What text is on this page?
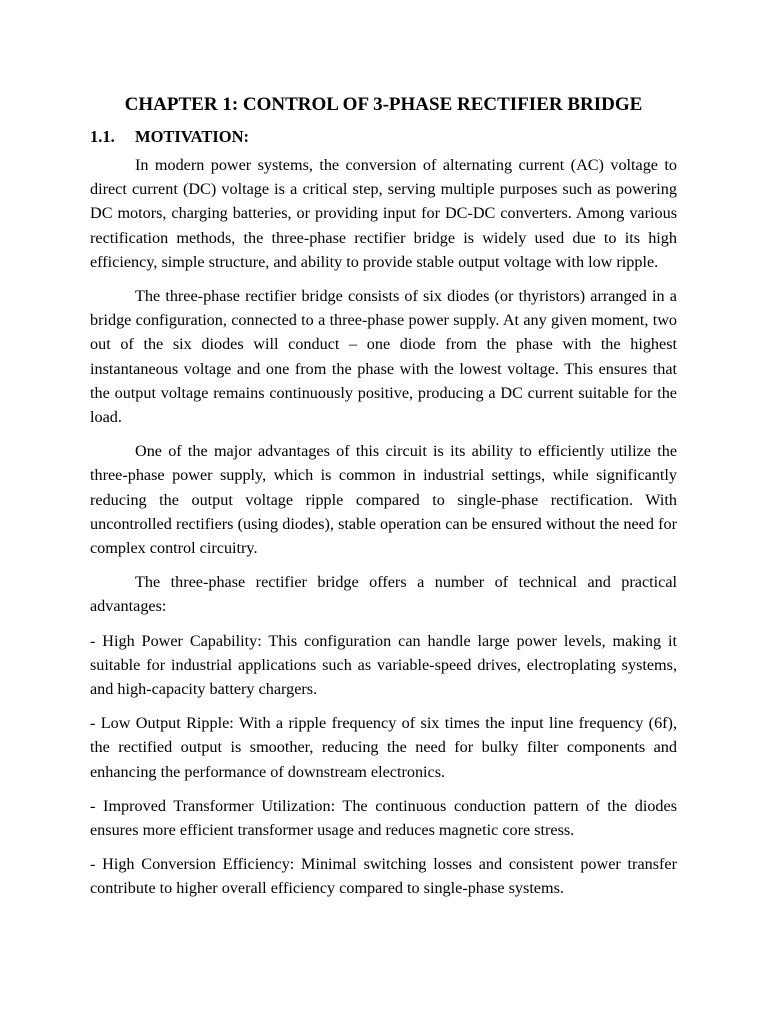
CHAPTER 1: CONTROL OF 3-PHASE RECTIFIER BRIDGE
1.1.	MOTIVATION:

In modern power systems, the conversion of alternating current (AC) voltage to direct current (DC) voltage is a critical step, serving multiple purposes such as powering DC motors, charging batteries, or providing input for DC-DC converters. Among various rectification methods, the three-phase rectifier bridge is widely used due to its high efficiency, simple structure, and ability to provide stable output voltage with low ripple.

The three-phase rectifier bridge consists of six diodes (or thyristors) arranged in a bridge configuration, connected to a three-phase power supply. At any given moment, two out of the six diodes will conduct – one diode from the phase with the highest instantaneous voltage and one from the phase with the lowest voltage. This ensures that the output voltage remains continuously positive, producing a DC current suitable for the load.

One of the major advantages of this circuit is its ability to efficiently utilize the three-phase power supply, which is common in industrial settings, while significantly reducing the output voltage ripple compared to single-phase rectification. With uncontrolled rectifiers (using diodes), stable operation can be ensured without the need for complex control circuitry.

The three-phase rectifier bridge offers a number of technical and practical advantages:

- High Power Capability: This configuration can handle large power levels, making it suitable for industrial applications such as variable-speed drives, electroplating systems, and high-capacity battery chargers.

- Low Output Ripple: With a ripple frequency of six times the input line frequency (6f), the rectified output is smoother, reducing the need for bulky filter components and enhancing the performance of downstream electronics.

- Improved Transformer Utilization: The continuous conduction pattern of the diodes ensures more efficient transformer usage and reduces magnetic core stress.

- High Conversion Efficiency: Minimal switching losses and consistent power transfer contribute to higher overall efficiency compared to single-phase systems.
